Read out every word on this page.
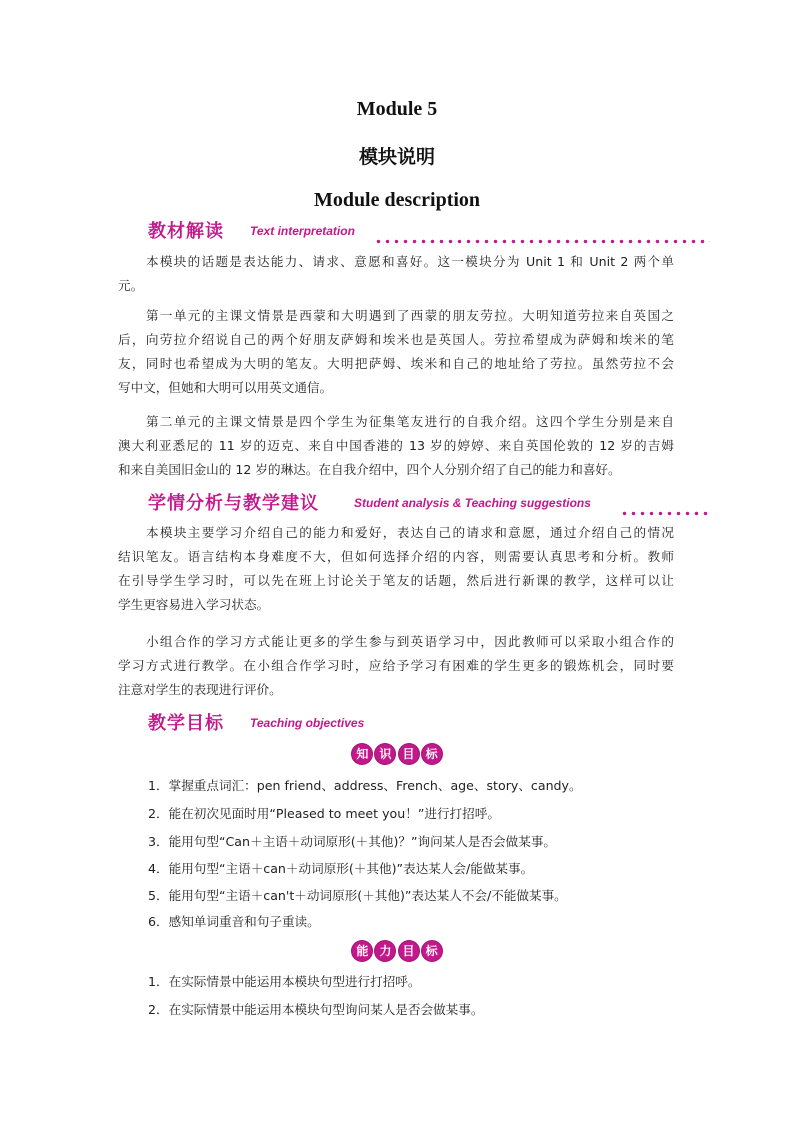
Module 5
模块说明
Module description
教材解读 Text interpretation
本模块的话题是表达能力、请求、意愿和喜好。这一模块分为 Unit 1 和 Unit 2 两个单
元。
第一单元的主课文情景是西蒙和大明遇到了西蒙的朋友劳拉。大明知道劳拉来自英国之
后，向劳拉介绍说自己的两个好朋友萨姆和埃米也是英国人。劳拉希望成为萨姆和埃米的笔
友，同时也希望成为大明的笔友。大明把萨姆、埃米和自己的地址给了劳拉。虽然劳拉不会
写中文，但她和大明可以用英文通信。
第二单元的主课文情景是四个学生为征集笔友进行的自我介绍。这四个学生分别是来自
澳大利亚悉尼的 11 岁的迈克、来自中国香港的 13 岁的婷婷、来自英国伦敦的 12 岁的吉姆
和来自美国旧金山的 12 岁的琳达。在自我介绍中，四个人分别介绍了自己的能力和喜好。
学情分析与教学建议	Student analysis & Teaching suggestions
本模块主要学习介绍自己的能力和爱好，表达自己的请求和意愿，通过介绍自己的情况
结识笔友。语言结构本身难度不大，但如何选择介绍的内容，则需要认真思考和分析。教师
在引导学生学习时，可以先在班上讨论关于笔友的话题，然后进行新课的教学，这样可以让
学生更容易进入学习状态。
小组合作的学习方式能让更多的学生参与到英语学习中，因此教师可以采取小组合作的
学习方式进行教学。在小组合作学习时，应给予学习有困难的学生更多的锻炼机会，同时要
注意对学生的表现进行评价。
教学目标 Teaching objectives
知 识 目 标
1．掌握重点词汇：pen friend、address、French、age、story、candy。
2．能在初次见面时用“Pleased to meet you！”进行打招呼。
3．能用句型“Can＋主语＋动词原形(＋其他)？”询问某人是否会做某事。
4．能用句型“主语＋can＋动词原形(＋其他)”表达某人会/能做某事。
5．能用句型“主语＋can't＋动词原形(＋其他)”表达某人不会/不能做某事。
6．感知单词重音和句子重读。
能 力 目 标
1．在实际情景中能运用本模块句型进行打招呼。
2．在实际情景中能运用本模块句型询问某人是否会做某事。
